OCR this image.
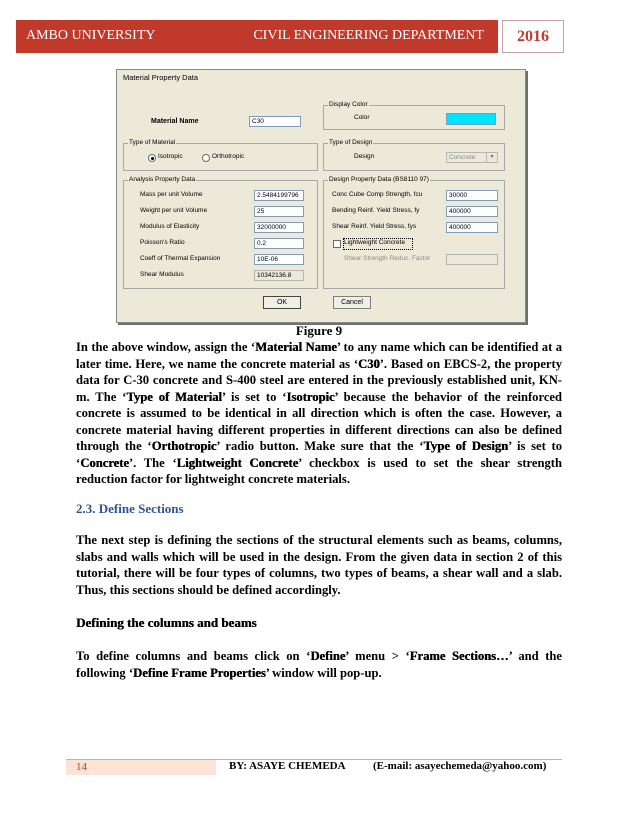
AMBO UNIVERSITY	CIVIL ENGINEERING DEPARTMENT	2016
Material Property Data
Material Name	C30
Display Color
Color
Type of Material
Isotropic	Orthotropic
Type of Design
Design	Concrete	▼
Analysis Property Data
Mass per unit Volume	2.5484199796
Weight per unit Volume	25
Modulus of Elasticity	32000000
Poisson's Ratio	0.2
Coeff of Thermal Expansion	10E-06
Shear Modulus	10342136.8
Design Property Data (BS8110 97)
Conc Cube Comp Strength, fcu	30000
Bending Reinf. Yield Stress, fy	400000
Shear Reinf. Yield Stress, fys	400000
Lightweight Concrete
Shear Strength Reduc. Factor
OK	Cancel
Figure 9
In the above window, assign the ‘Material Name’ to any name which can be identified at a later time. Here, we name the concrete material as ‘C30’. Based on EBCS-2, the property data for C-30 concrete and S-400 steel are entered in the previously established unit, KN-m. The ‘Type of Material’ is set to ‘Isotropic’ because the behavior of the reinforced concrete is assumed to be identical in all direction which is often the case. However, a concrete material having different properties in different directions can also be defined through the ‘Orthotropic’ radio button. Make sure that the ‘Type of Design’ is set to ‘Concrete’. The ‘Lightweight Concrete’ checkbox is used to set the shear strength reduction factor for lightweight concrete materials.
2.3. Define Sections
The next step is defining the sections of the structural elements such as beams, columns, slabs and walls which will be used in the design. From the given data in section 2 of this tutorial, there will be four types of columns, two types of beams, a shear wall and a slab. Thus, this sections should be defined accordingly.
Defining the columns and beams
To define columns and beams click on ‘Define’ menu > ‘Frame Sections…’ and the following ‘Define Frame Properties’ window will pop-up.
14	BY: ASAYE CHEMEDA (E-mail: asayechemeda@yahoo.com)
